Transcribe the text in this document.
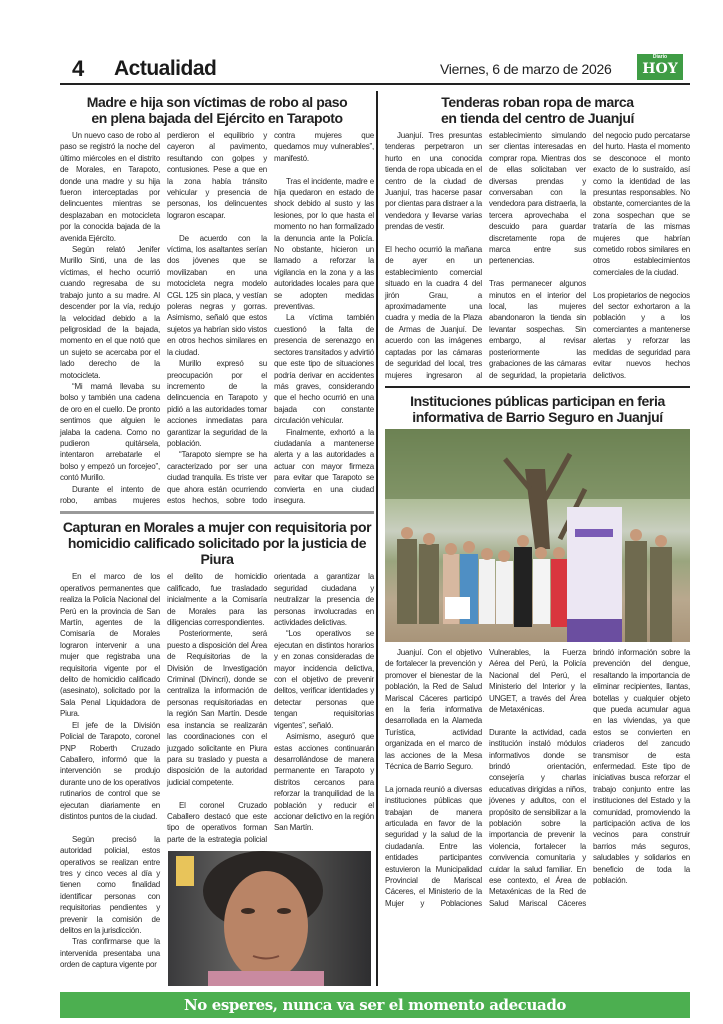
4 Actualidad	Viernes, 6 de marzo de 2026
Diario
HOY
Madre e hija son víctimas de robo al paso
en plena bajada del Ejército en Tarapoto

Un nuevo caso de robo al paso se registró la noche del último miércoles en el distrito de Morales, en Tarapoto, donde una madre y su hija fueron interceptadas por delincuentes mientras se desplazaban en motocicleta por la conocida bajada de la avenida Ejército.

Según relató Jenifer Murillo Sinti, una de las víctimas, el hecho ocurrió cuando regresaba de su trabajo junto a su madre. Al descender por la vía, redujo la velocidad debido a la peligrosidad de la bajada, momento en el que notó que un sujeto se acercaba por el lado derecho de la motocicleta.

“Mi mamá llevaba su bolso y también una cadena de oro en el cuello. De pronto sentimos que alguien le jalaba la cadena. Como no pudieron quitársela, intentaron arrebatarle el bolso y empezó un forcejeo”, contó Murillo.

Durante el intento de robo, ambas mujeres perdieron el equilibrio y cayeron al pavimento, resultando con golpes y contusiones. Pese a que en la zona había tránsito vehicular y presencia de personas, los delincuentes lograron escapar.

De acuerdo con la víctima, los asaltantes serían dos jóvenes que se movilizaban en una motocicleta negra modelo CGL 125 sin placa, y vestían poleras negras y gorras. Asimismo, señaló que estos sujetos ya habrían sido vistos en otros hechos similares en la ciudad.

Murillo expresó su preocupación por el incremento de la delincuencia en Tarapoto y pidió a las autoridades tomar acciones inmediatas para garantizar la seguridad de la población.

“Tarapoto siempre se ha caracterizado por ser una ciudad tranquila. Es triste ver que ahora están ocurriendo estos hechos, sobre todo contra mujeres que quedamos muy vulnerables”, manifestó.

Tras el incidente, madre e hija quedaron en estado de shock debido al susto y las lesiones, por lo que hasta el momento no han formalizado la denuncia ante la Policía. No obstante, hicieron un llamado a reforzar la vigilancia en la zona y a las autoridades locales para que se adopten medidas preventivas.

La víctima también cuestionó la falta de presencia de serenazgo en sectores transitados y advirtió que este tipo de situaciones podría derivar en accidentes más graves, considerando que el hecho ocurrió en una bajada con constante circulación vehicular.

Finalmente, exhortó a la ciudadanía a mantenerse alerta y a las autoridades a actuar con mayor firmeza para evitar que Tarapoto se convierta en una ciudad insegura.

Capturan en Morales a mujer con requisitoria por
homicidio calificado solicitado por la justicia de Piura

En el marco de los operativos permanentes que realiza la Policía Nacional del Perú en la provincia de San Martín, agentes de la Comisaría de Morales lograron intervenir a una mujer que registraba una requisitoria vigente por el delito de homicidio calificado (asesinato), solicitado por la Sala Penal Liquidadora de Piura.

El jefe de la División Policial de Tarapoto, coronel PNP Roberth Cruzado Caballero, informó que la intervención se produjo durante uno de los operativos rutinarios de control que se ejecutan diariamente en distintos puntos de la ciudad.

Según precisó la autoridad policial, estos operativos se realizan entre tres y cinco veces al día y tienen como finalidad identificar personas con requisitorias pendientes y prevenir la comisión de delitos en la jurisdicción.

Tras confirmarse que la intervenida presentaba una orden de captura vigente por

el delito de homicidio calificado, fue trasladado inicialmente a la Comisaría de Morales para las diligencias correspondientes.

Posteriormente, será puesto a disposición del Área de Requisitorias de la División de Investigación Criminal (Divincri), donde se centraliza la información de personas requisitoriadas en la región San Martín. Desde esa instancia se realizarán las coordinaciones con el juzgado solicitante en Piura para su traslado y puesta a disposición de la autoridad judicial competente.

El coronel Cruzado Caballero destacó que este tipo de operativos forman parte de la estrategia policial orientada a garantizar la seguridad ciudadana y neutralizar la presencia de personas involucradas en actividades delictivas.

“Los operativos se ejecutan en distintos horarios y en zonas consideradas de mayor incidencia delictiva, con el objetivo de prevenir delitos, verificar identidades y detectar personas que tengan requisitorias vigentes”, señaló.

Asimismo, aseguró que estas acciones continuarán desarrollándose de manera permanente en Tarapoto y distritos cercanos para reforzar la tranquilidad de la población y reducir el accionar delictivo en la región San Martín.

Tenderas roban ropa de marca
en tienda del centro de Juanjuí

Juanjuí. Tres presuntas tenderas perpetraron un hurto en una conocida tienda de ropa ubicada en el centro de la ciudad de Juanjuí, tras hacerse pasar por clientas para distraer a la vendedora y llevarse varias prendas de vestir.

El hecho ocurrió la mañana de ayer en un establecimiento comercial situado en la cuadra 4 del jirón Grau, a aproximadamente una cuadra y media de la Plaza de Armas de Juanjuí. De acuerdo con las imágenes captadas por las cámaras de seguridad del local, tres mujeres ingresaron al establecimiento simulando ser clientas interesadas en comprar ropa. Mientras dos de ellas solicitaban ver diversas prendas y conversaban con la vendedora para distraerla, la tercera aprovechaba el descuido para guardar discretamente ropa de marca entre sus pertenencias.

Tras permanecer algunos minutos en el interior del local, las mujeres abandonaron la tienda sin levantar sospechas. Sin embargo, al revisar posteriormente las grabaciones de las cámaras de seguridad, la propietaria del negocio pudo percatarse del hurto. Hasta el momento se desconoce el monto exacto de lo sustraído, así como la identidad de las presuntas responsables. No obstante, comerciantes de la zona sospechan que se trataría de las mismas mujeres que habrían cometido robos similares en otros establecimientos comerciales de la ciudad.

Los propietarios de negocios del sector exhortaron a la población y a los comerciantes a mantenerse alertas y reforzar las medidas de seguridad para evitar nuevos hechos delictivos.

Instituciones públicas participan en feria
informativa de Barrio Seguro en Juanjuí

Juanjuí. Con el objetivo de fortalecer la prevención y promover el bienestar de la población, la Red de Salud Mariscal Cáceres participó en la feria informativa desarrollada en la Alameda Turística, actividad organizada en el marco de las acciones de la Mesa Técnica de Barrio Seguro.

La jornada reunió a diversas instituciones públicas que trabajan de manera articulada en favor de la seguridad y la salud de la ciudadanía. Entre las entidades participantes estuvieron la Municipalidad Provincial de Mariscal Cáceres, el Ministerio de la Mujer y Poblaciones Vulnerables, la Fuerza Aérea del Perú, la Policía Nacional del Perú, el Ministerio del Interior y la UNGET, a través del Área de Metaxénicas.

Durante la actividad, cada institución instaló módulos informativos donde se brindó orientación, consejería y charlas educativas dirigidas a niños, jóvenes y adultos, con el propósito de sensibilizar a la población sobre la importancia de prevenir la violencia, fortalecer la convivencia comunitaria y cuidar la salud familiar. En ese contexto, el Área de Metaxénicas de la Red de Salud Mariscal Cáceres brindó información sobre la prevención del dengue, resaltando la importancia de eliminar recipientes, llantas, botellas y cualquier objeto que pueda acumular agua en las viviendas, ya que estos se convierten en criaderos del zancudo transmisor de esta enfermedad. Este tipo de iniciativas busca reforzar el trabajo conjunto entre las instituciones del Estado y la comunidad, promoviendo la participación activa de los vecinos para construir barrios más seguros, saludables y solidarios en beneficio de toda la población.

No esperes, nunca va ser el momento adecuado
